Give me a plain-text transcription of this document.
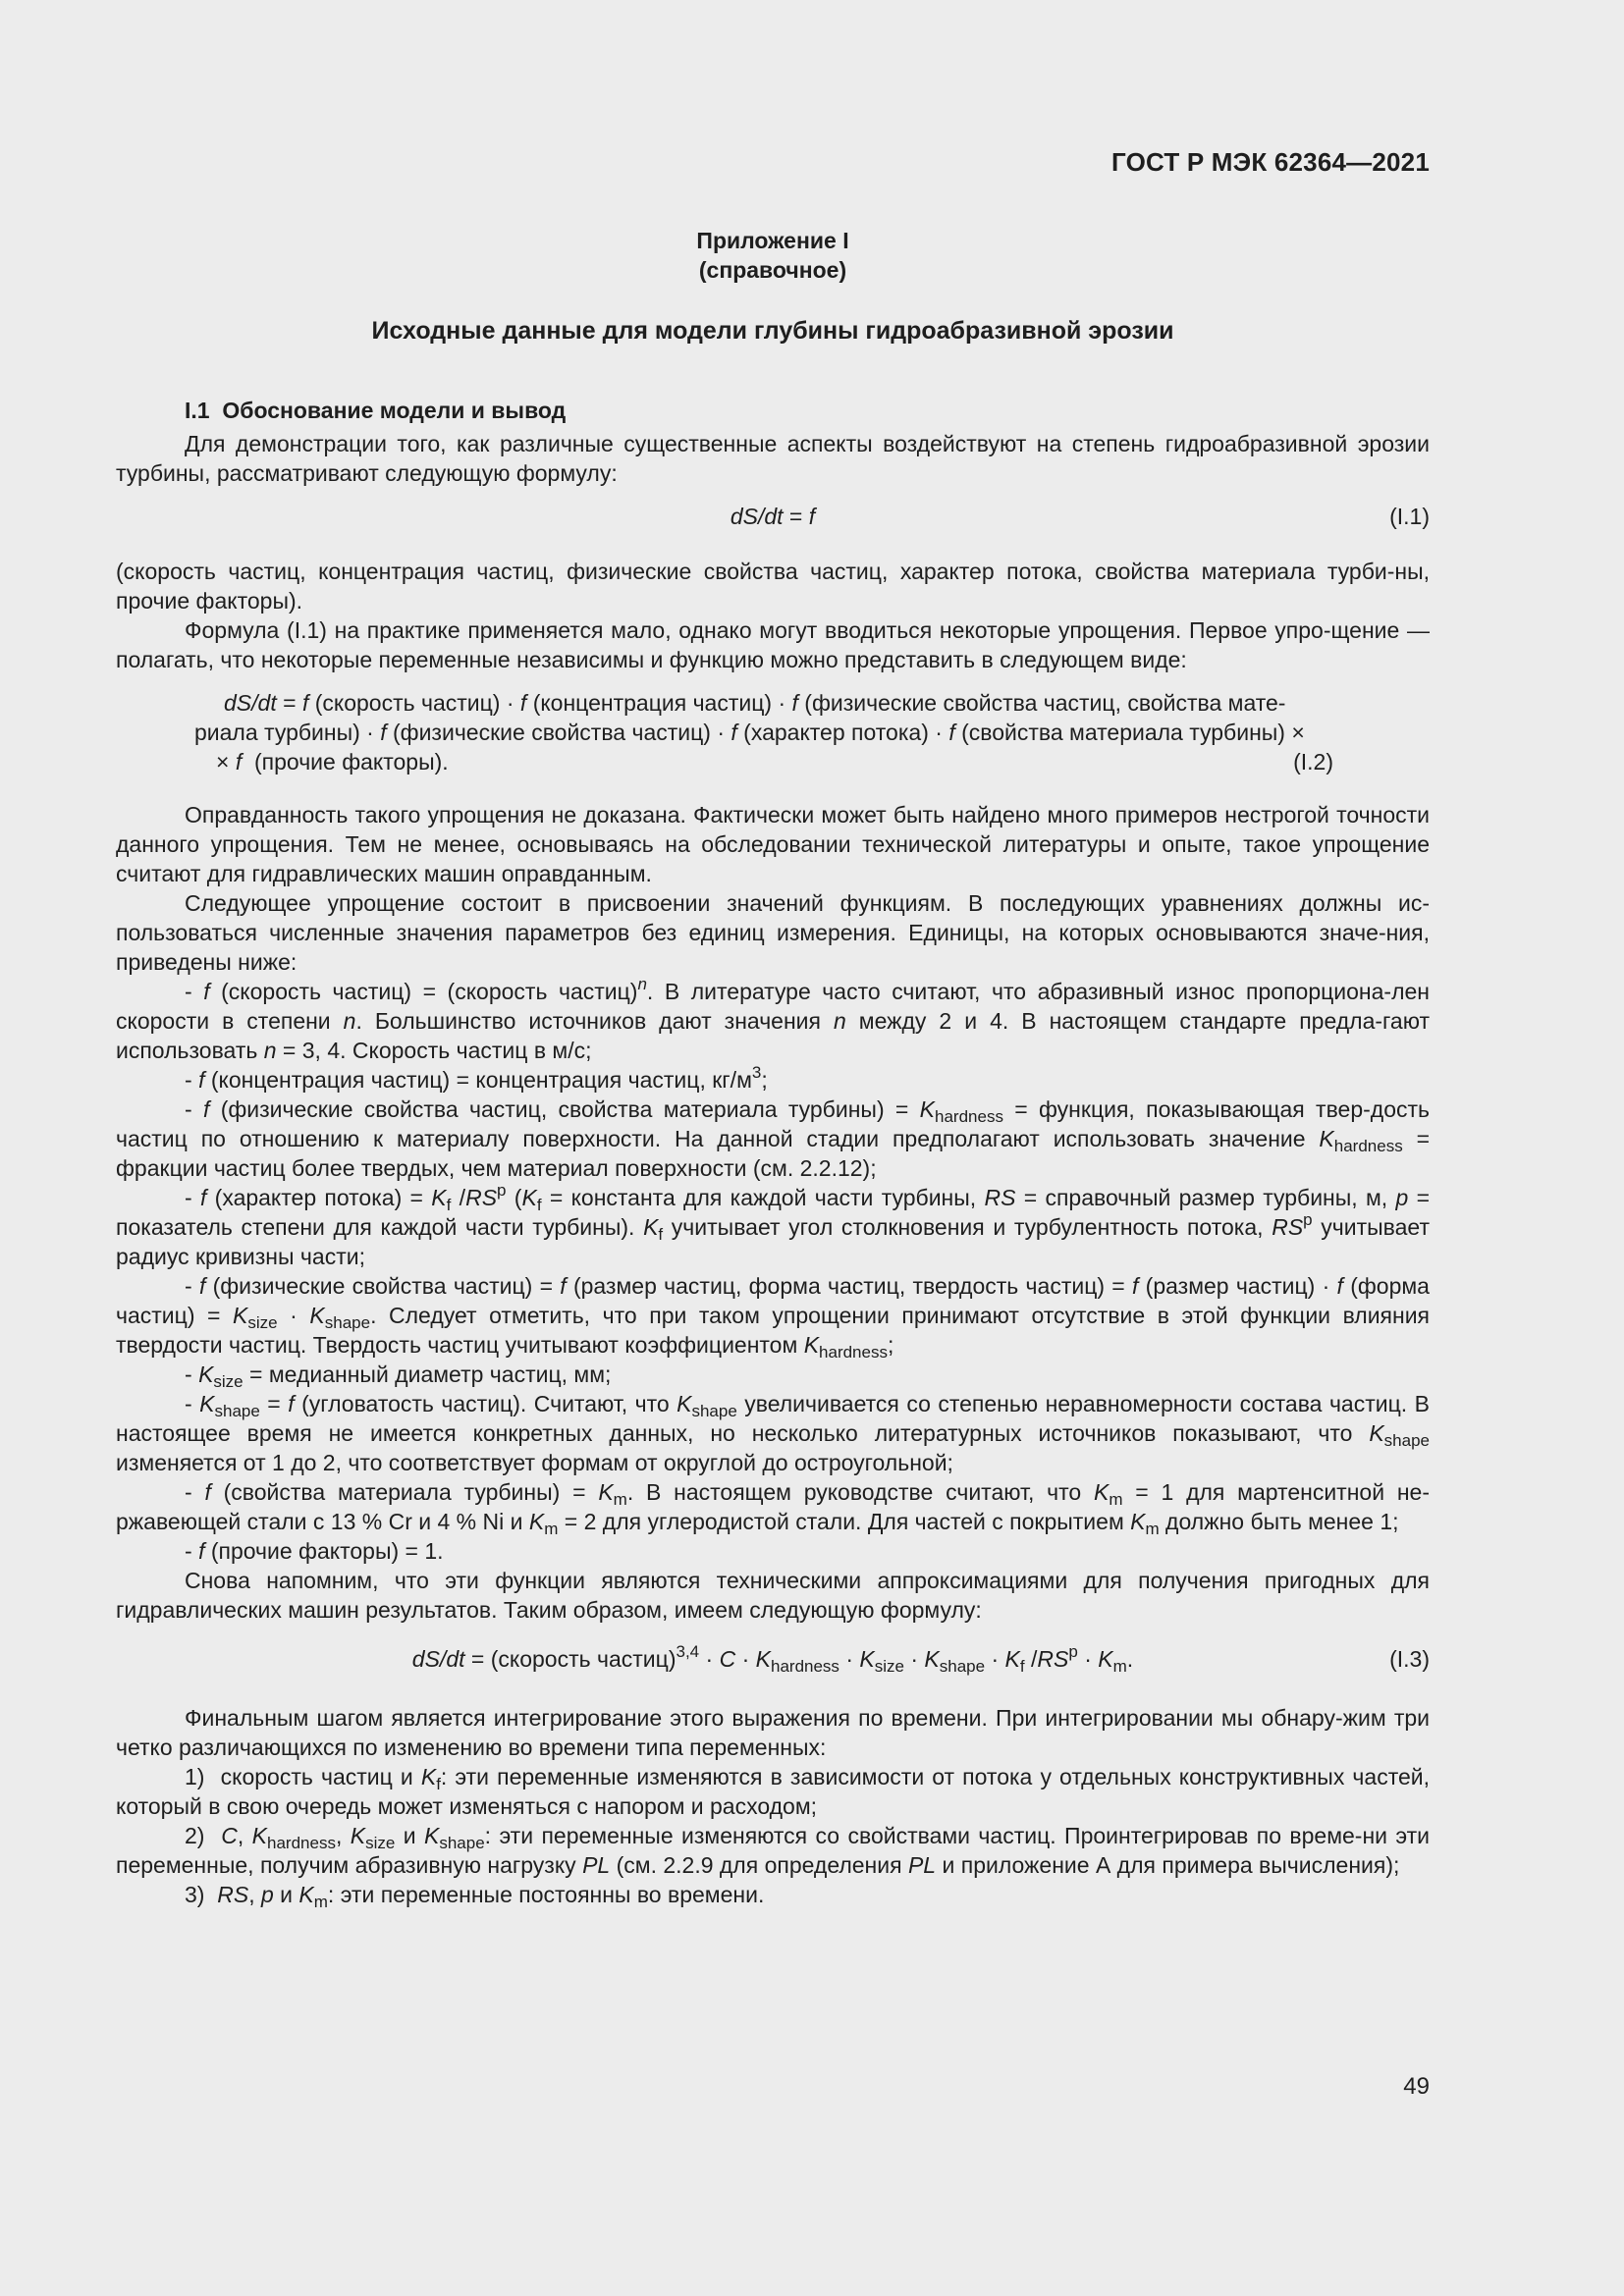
ГОСТ Р МЭК 62364—2021
Приложение I
(справочное)
Исходные данные для модели глубины гидроабразивной эрозии
I.1 Обоснование модели и вывод

Для демонстрации того, как различные существенные аспекты воздействуют на степень гидроабразивной эрозии турбины, рассматривают следующую формулу:

dS/dt = f	(I.1)

(скорость частиц, концентрация частиц, физические свойства частиц, характер потока, свойства материала турби-ны, прочие факторы).

Формула (I.1) на практике применяется мало, однако могут вводиться некоторые упрощения. Первое упро-щение — полагать, что некоторые переменные независимы и функцию можно представить в следующем виде:

dS/dt = f (скорость частиц) · f (концентрация частиц) · f (физические свойства частиц, свойства мате-
риала турбины) · f (физические свойства частиц) · f (характер потока) · f (свойства материала турбины) ×
× f  (прочие факторы).	(I.2)

Оправданность такого упрощения не доказана. Фактически может быть найдено много примеров нестрогой точности данного упрощения. Тем не менее, основываясь на обследовании технической литературы и опыте, такое упрощение считают для гидравлических машин оправданным.

Следующее упрощение состоит в присвоении значений функциям. В последующих уравнениях должны ис-пользоваться численные значения параметров без единиц измерения. Единицы, на которых основываются значе-ния, приведены ниже:

- f (скорость частиц) = (скорость частиц)$^n$. В литературе часто считают, что абразивный износ пропорциона-лен скорости в степени n. Большинство источников дают значения n между 2 и 4. В настоящем стандарте предла-гают использовать n = 3, 4. Скорость частиц в м/с;

- f (концентрация частиц) = концентрация частиц, $кг/м^3$;

- f (физические свойства частиц, свойства материала турбины) = $K_{hardness}$ = функция, показывающая твер-дость частиц по отношению к материалу поверхности. На данной стадии предполагают использовать значение $K_{hardness}$ = фракции частиц более твердых, чем материал поверхности (см. 2.2.12);

- f (характер потока) = $K_f$ $/RS^p$ ($K_f$ = константа для каждой части турбины, RS = справочный размер турбины, м, p = показатель степени для каждой части турбины). $K_f$ учитывает угол столкновения и турбулентность потока, $RS^p$ учитывает радиус кривизны части;

- f (физические свойства частиц) = f (размер частиц, форма частиц, твердость частиц) = f (размер частиц) · f (форма частиц) = $K_{size} \cdot K_{shape}$. Следует отметить, что при таком упрощении принимают отсутствие в этой функции влияния твердости частиц. Твердость частиц учитывают коэффициентом $K_{hardness}$;

- $K_{size}$ = медианный диаметр частиц, мм;

- $K_{shape} = f$ (угловатость частиц). Считают, что $K_{shape}$ увеличивается со степенью неравномерности состава частиц. В настоящее время не имеется конкретных данных, но несколько литературных источников показывают, что $K_{shape}$ изменяется от 1 до 2, что соответствует формам от округлой до остроугольной;

- f (свойства материала турбины) = $K_m$. В настоящем руководстве считают, что $K_m = 1$ для мартенситной не-ржавеющей стали с 13 % Cr и 4 % Ni и $K_m = 2$ для углеродистой стали. Для частей с покрытием $K_m$ должно быть менее 1;

- f (прочие факторы) = 1.

Снова напомним, что эти функции являются техническими аппроксимациями для получения пригодных для гидравлических машин результатов. Таким образом, имеем следующую формулу:

dS/dt = (скорость частиц)$^{3,4}$ · $C \cdot K_{hardness} \cdot K_{size} \cdot K_{shape} \cdot K_f$ $/RS^p \cdot K_m$.	(I.3)

Финальным шагом является интегрирование этого выражения по времени. При интегрировании мы обнару-жим три четко различающихся по изменению во времени типа переменных:

1)  скорость частиц и $K_f$: эти переменные изменяются в зависимости от потока у отдельных конструктивных частей, который в свою очередь может изменяться с напором и расходом;

2)  C, $K_{hardness}$, $K_{size}$ и $K_{shape}$: эти переменные изменяются со свойствами частиц. Проинтегрировав по време-ни эти переменные, получим абразивную нагрузку PL (см. 2.2.9 для определения PL и приложение А для примера вычисления);

3)  RS, p и $K_m$: эти переменные постоянны во времени.

49
